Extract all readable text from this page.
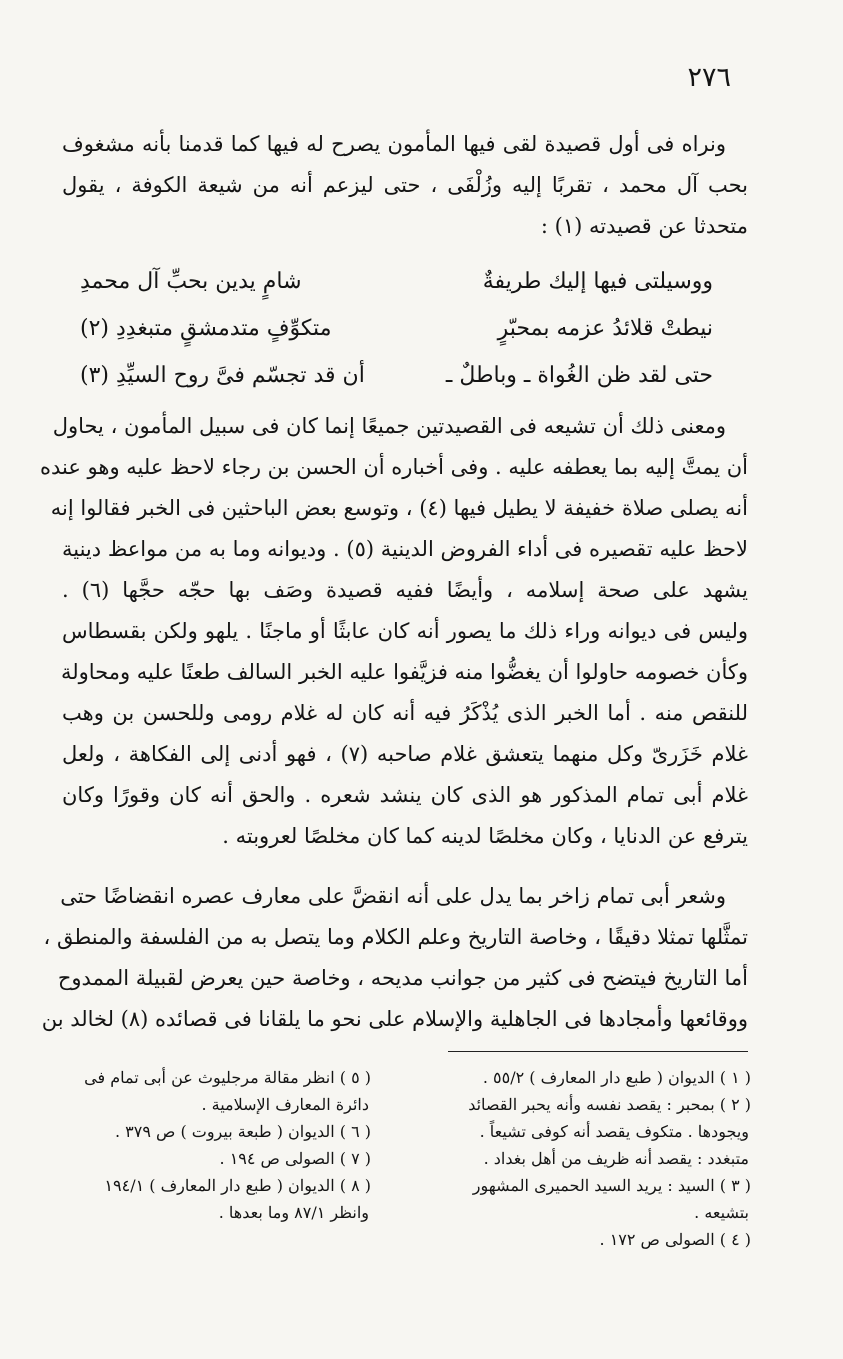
٢٧٦
ونراه فى أول قصيدة لقى فيها المأمون يصرح له فيها كما قدمنا بأنه مشغوف
بحب آل محمد ، تقربًا إليه وزُلْفَى ، حتى ليزعم أنه من شيعة الكوفة ، يقول
متحدثا عن قصيدته (١) :
ووسيلتى فيها إليك طريفةٌ
شامٍ يدين بحبِّ آل محمدِ
نيطتْ قلائدُ عزمه بمحبّرٍ
متكوِّفٍ متدمشقٍ متبغدِدِ (٢)
حتى لقد ظن الغُواة ـ وباطلٌ ـ
أن قد تجسّم فىَّ روح السيِّدِ (٣)
ومعنى ذلك أن تشيعه فى القصيدتين جميعًا إنما كان فى سبيل المأمون ، يحاول
أن يمتَّ إليه بما يعطفه عليه . وفى أخباره أن الحسن بن رجاء لاحظ عليه وهو عنده
أنه يصلى صلاة خفيفة لا يطيل فيها (٤) ، وتوسع بعض الباحثين فى الخبر فقالوا إنه
لاحظ عليه تقصيره فى أداء الفروض الدينية (٥) . وديوانه وما به من مواعظ دينية
يشهد على صحة إسلامه ، وأيضًا ففيه قصيدة وصَف بها حجّه حجَّها (٦) .
وليس فى ديوانه وراء ذلك ما يصور أنه كان عابثًا أو ماجنًا . يلهو ولكن بقسطاس
وكأن خصومه حاولوا أن يغضُّوا منه فزيَّفوا عليه الخبر السالف طعنًا عليه ومحاولة
للنقص منه . أما الخبر الذى يُذْكَرُ فيه أنه كان له غلام رومى وللحسن بن وهب
غلام خَزَرىّ وكل منهما يتعشق غلام صاحبه (٧) ، فهو أدنى إلى الفكاهة ، ولعل
غلام أبى تمام المذكور هو الذى كان ينشد شعره . والحق أنه كان وقورًا وكان
يترفع عن الدنايا ، وكان مخلصًا لدينه كما كان مخلصًا لعروبته .
وشعر أبى تمام زاخر بما يدل على أنه انقضَّ على معارف عصره انقضاضًا حتى
تمثَّلها تمثلا دقيقًا ، وخاصة التاريخ وعلم الكلام وما يتصل به من الفلسفة والمنطق ،
أما التاريخ فيتضح فى كثير من جوانب مديحه ، وخاصة حين يعرض لقبيلة الممدوح
ووقائعها وأمجادها فى الجاهلية والإسلام على نحو ما يلقانا فى قصائده (٨) لخالد بن
( ١ ) الديوان ( طبع دار المعارف ) ٥٥/٢ .
( ٢ ) بمحبر : يقصد نفسه وأنه يحبر القصائد
ويجودها . متكوف يقصد أنه كوفى تشيعاً .
متبغدد : يقصد أنه ظريف من أهل بغداد .
( ٣ ) السيد : يريد السيد الحميرى المشهور
بتشيعه .
( ٤ ) الصولى ص ١٧٢ .
( ٥ ) انظر مقالة مرجليوث عن أبى تمام فى
دائرة المعارف الإسلامية .
( ٦ ) الديوان ( طبعة بيروت ) ص ٣٧٩ .
( ٧ ) الصولى ص ١٩٤ .
( ٨ ) الديوان ( طبع دار المعارف ) ١٩٤/١
وانظر ٨٧/١ وما بعدها .
